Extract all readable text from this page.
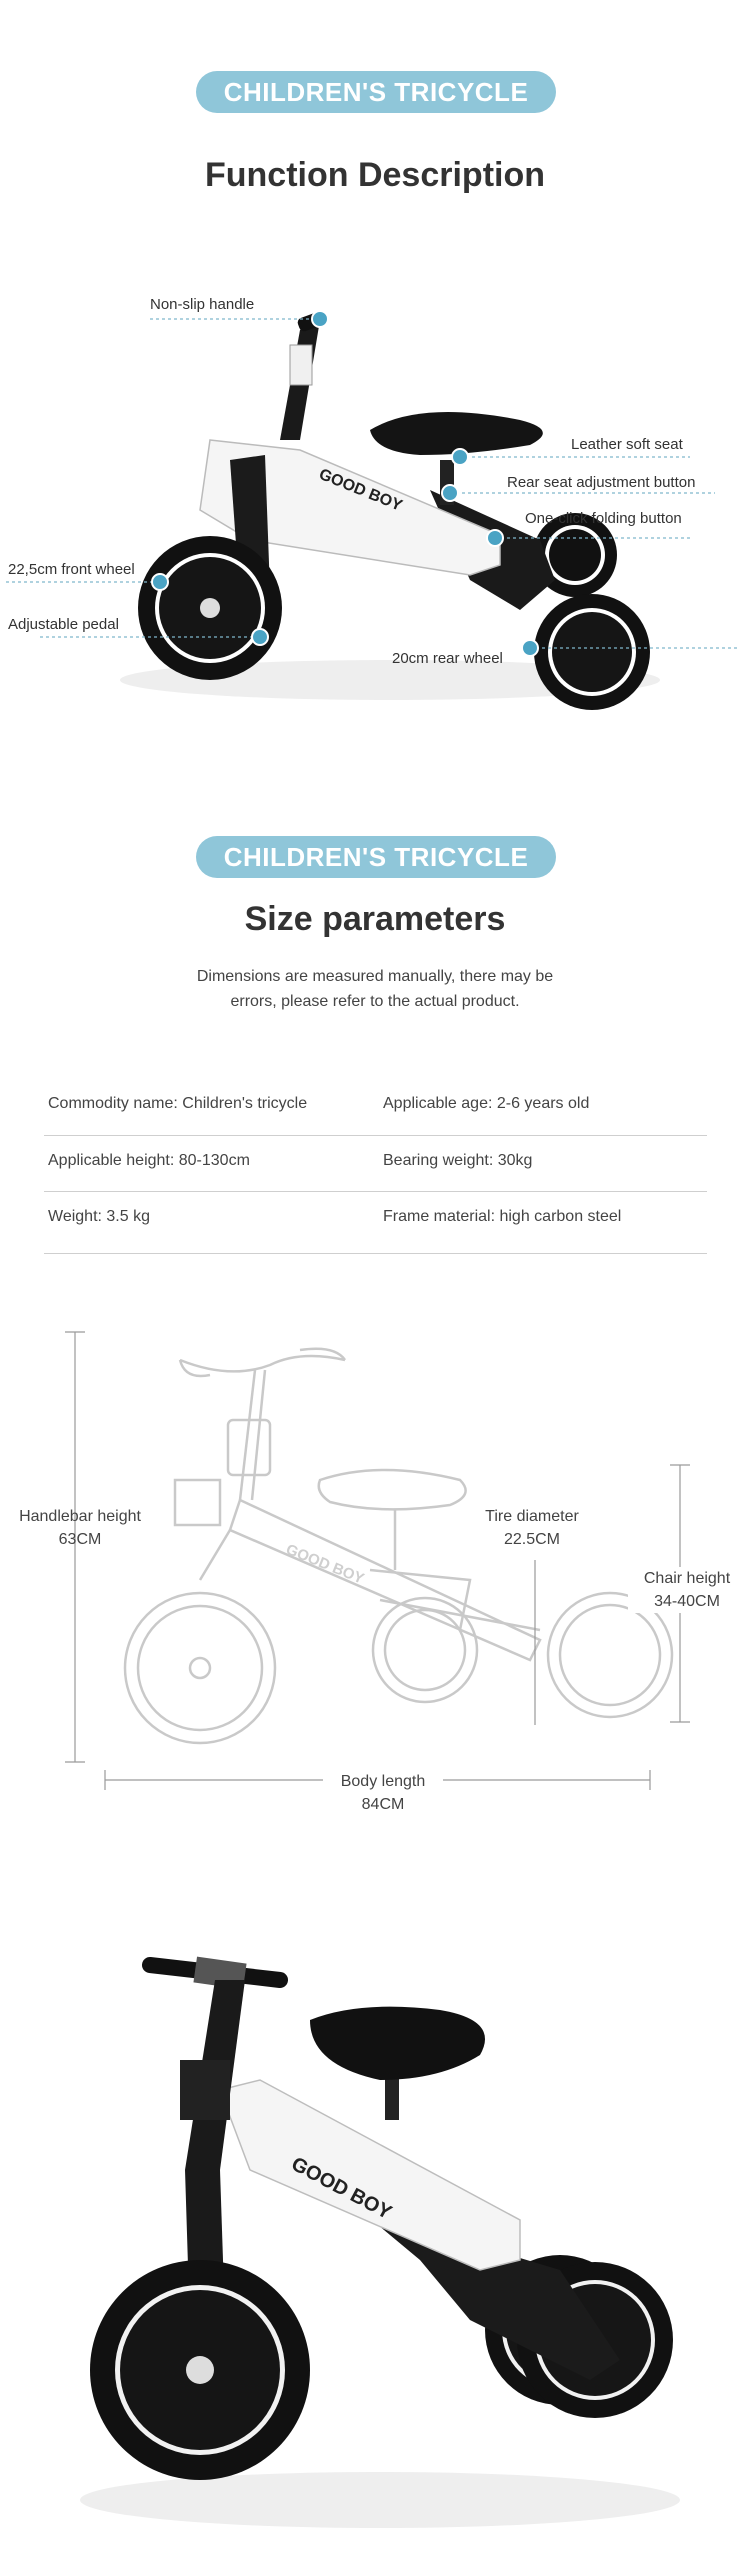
CHILDREN'S TRICYCLE
Function Description
GOOD BOY
Non-slip handle
Leather soft seat
Rear seat adjustment button
One-click folding button
22,5cm front wheel
Adjustable pedal
20cm rear wheel
CHILDREN'S TRICYCLE
Size parameters
Dimensions are measured manually, there may be
errors, please refer to the actual product.
Commodity name: Children's tricycle	Applicable age: 2-6 years old
Applicable height: 80-130cm	Bearing weight: 30kg
Weight: 3.5 kg	Frame material: high carbon steel
GOOD BOY
Handlebar height
63CM
Tire diameter
22.5CM
Chair height
34-40CM
Body length
84CM
GOOD BOY
